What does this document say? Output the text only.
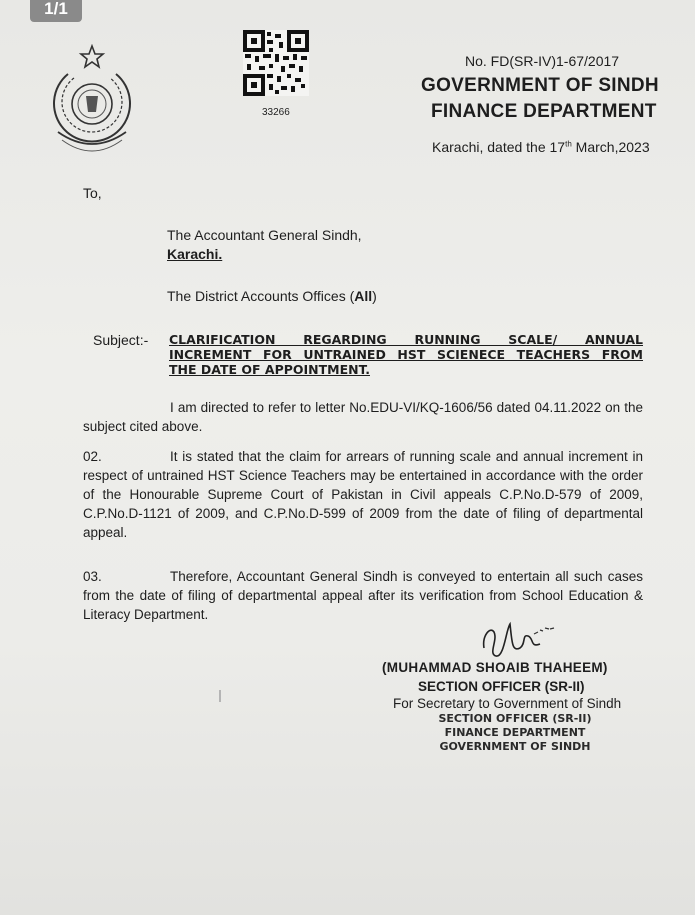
1/1
33266
No. FD(SR-IV)1-67/2017
GOVERNMENT OF SINDH
FINANCE DEPARTMENT
Karachi, dated the 17th March,2023
To,
The Accountant General Sindh,
Karachi.
The District Accounts Offices (All)
Subject:- CLARIFICATION REGARDING RUNNING SCALE/ ANNUAL
INCREMENT FOR UNTRAINED HST SCIENECE TEACHERS FROM
THE DATE OF APPOINTMENT.
I am directed to refer to letter No.EDU-VI/KQ-1606/56 dated 04.11.2022 on the subject cited above.
02.	It is stated that the claim for arrears of running scale and annual increment in respect of untrained HST Science Teachers may be entertained in accordance with the order of the Honourable Supreme Court of Pakistan in Civil appeals C.P.No.D-579 of 2009, C.P.No.D-1121 of 2009, and C.P.No.D-599 of 2009 from the date of filing of departmental appeal.
03.	Therefore, Accountant General Sindh is conveyed to entertain all such cases from the date of filing of departmental appeal after its verification from School Education & Literacy Department.
(MUHAMMAD SHOAIB THAHEEM)
SECTION OFFICER (SR-II)
For Secretary to Government of Sindh
SECTION OFFICER (SR-II)
FINANCE DEPARTMENT
GOVERNMENT OF SINDH
